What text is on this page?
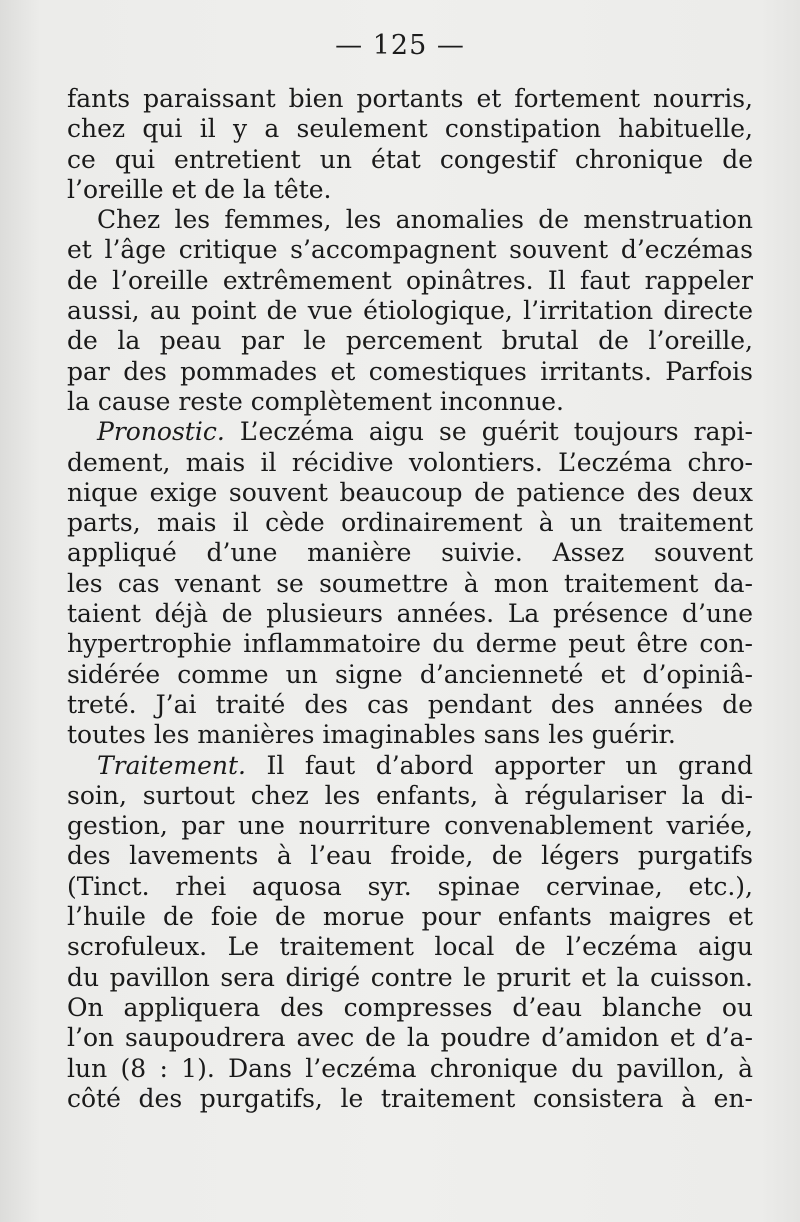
— 125 —
fants paraissant bien portants et fortement nourris,
chez qui il y a seulement constipation habituelle,
ce qui entretient un état congestif chronique de
l’oreille et de la tête.
Chez les femmes, les anomalies de menstruation
et l’âge critique s’accompagnent souvent d’eczémas
de l’oreille extrêmement opinâtres. Il faut rappeler
aussi, au point de vue étiologique, l’irritation directe
de la peau par le percement brutal de l’oreille,
par des pommades et comestiques irritants. Parfois
la cause reste complètement inconnue.
Pronostic. L’eczéma aigu se guérit toujours rapi-
dement, mais il récidive volontiers. L’eczéma chro-
nique exige souvent beaucoup de patience des deux
parts, mais il cède ordinairement à un traitement
appliqué d’une manière suivie. Assez souvent
les cas venant se soumettre à mon traitement da-
taient déjà de plusieurs années. La présence d’une
hypertrophie inflammatoire du derme peut être con-
sidérée comme un signe d’ancienneté et d’opiniâ-
treté. J’ai traité des cas pendant des années de
toutes les manières imaginables sans les guérir.
Traitement. Il faut d’abord apporter un grand
soin, surtout chez les enfants, à régulariser la di-
gestion, par une nourriture convenablement variée,
des lavements à l’eau froide, de légers purgatifs
(Tinct. rhei aquosa syr. spinae cervinae, etc.),
l’huile de foie de morue pour enfants maigres et
scrofuleux. Le traitement local de l’eczéma aigu
du pavillon sera dirigé contre le prurit et la cuisson.
On appliquera des compresses d’eau blanche ou
l’on saupoudrera avec de la poudre d’amidon et d’a-
lun (8 : 1). Dans l’eczéma chronique du pavillon, à
côté des purgatifs, le traitement consistera à en-
